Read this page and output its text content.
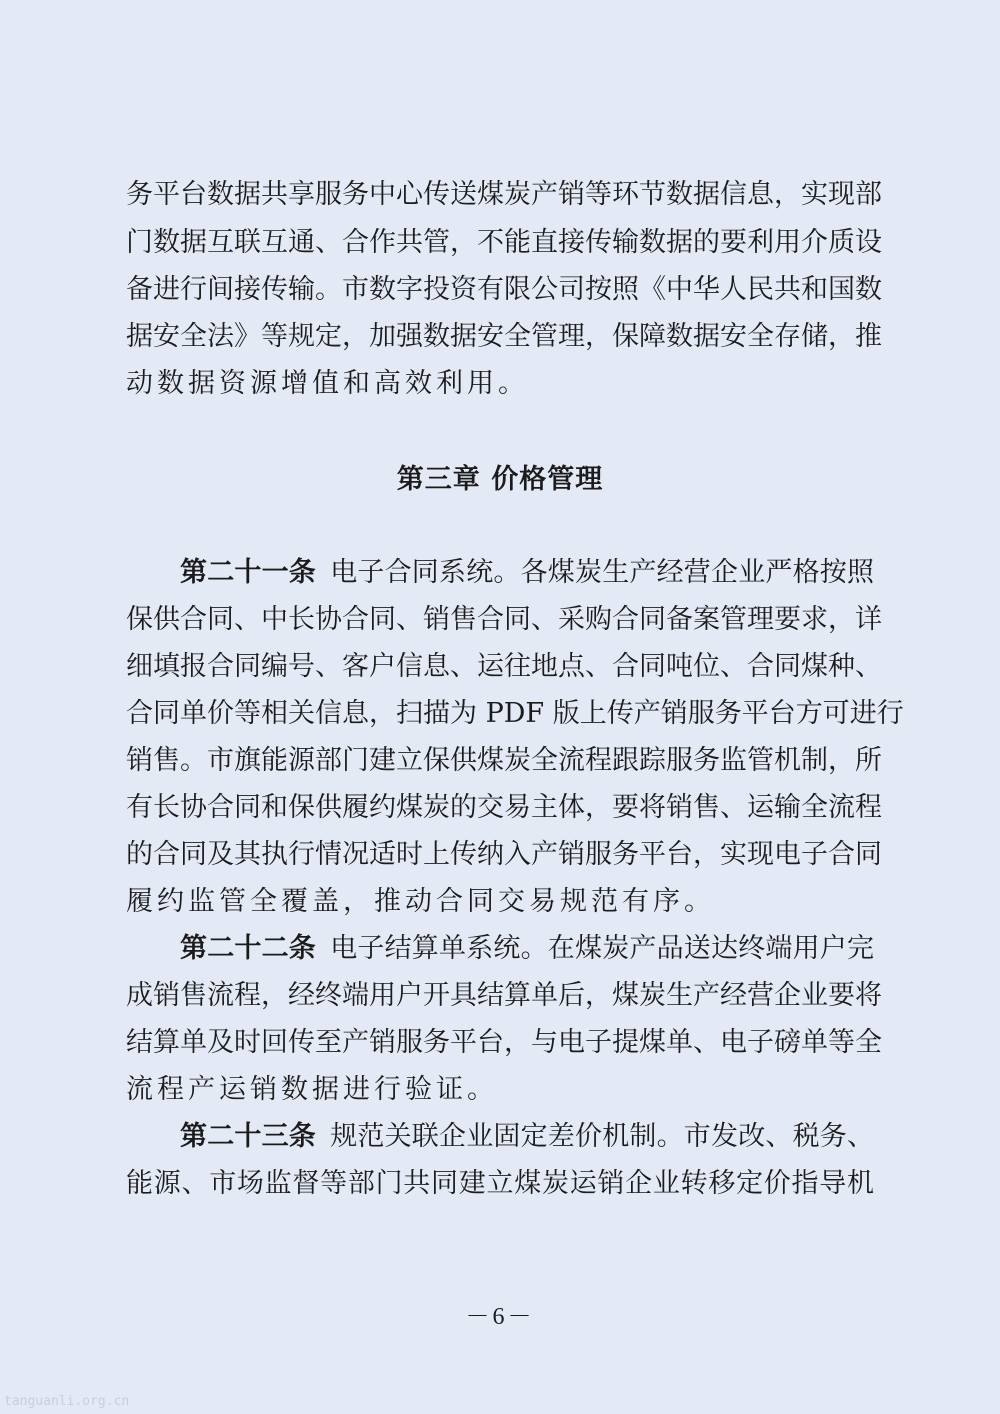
务平台数据共享服务中心传送煤炭产销等环节数据信息，实现部
门数据互联互通、合作共管，不能直接传输数据的要利用介质设
备进行间接传输。市数字投资有限公司按照《中华人民共和国数
据安全法》等规定，加强数据安全管理，保障数据安全存储，推
动数据资源增值和高效利用。
第三章 价格管理
第二十一条 电子合同系统。各煤炭生产经营企业严格按照
保供合同、中长协合同、销售合同、采购合同备案管理要求，详
细填报合同编号、客户信息、运往地点、合同吨位、合同煤种、
合同单价等相关信息，扫描为 PDF 版上传产销服务平台方可进行
销售。市旗能源部门建立保供煤炭全流程跟踪服务监管机制，所
有长协合同和保供履约煤炭的交易主体，要将销售、运输全流程
的合同及其执行情况适时上传纳入产销服务平台，实现电子合同
履约监管全覆盖，推动合同交易规范有序。
第二十二条 电子结算单系统。在煤炭产品送达终端用户完
成销售流程，经终端用户开具结算单后，煤炭生产经营企业要将
结算单及时回传至产销服务平台，与电子提煤单、电子磅单等全
流程产运销数据进行验证。
第二十三条 规范关联企业固定差价机制。市发改、税务、
能源、市场监督等部门共同建立煤炭运销企业转移定价指导机
－6－
tanguanli.org.cn
